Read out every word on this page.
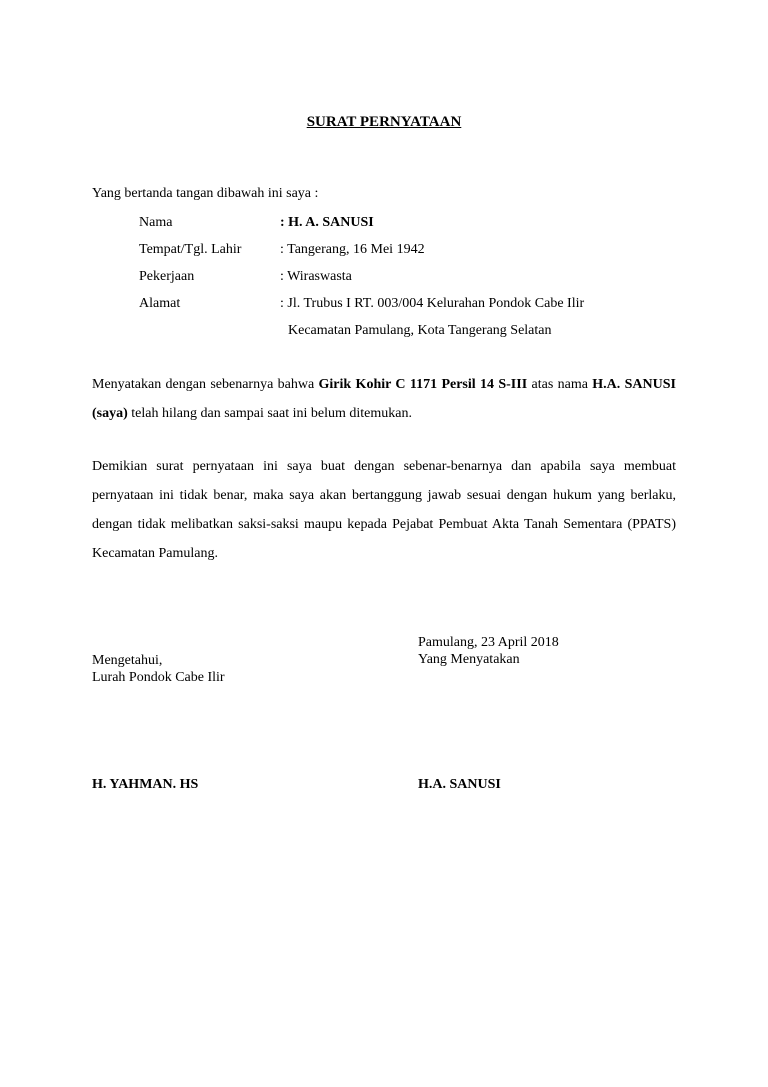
SURAT PERNYATAAN
Yang bertanda tangan dibawah ini saya :
Nama	: H. A. SANUSI
Tempat/Tgl. Lahir	: Tangerang, 16 Mei 1942
Pekerjaan	: Wiraswasta
Alamat	: Jl. Trubus I RT. 003/004 Kelurahan Pondok Cabe Ilir
Kecamatan Pamulang, Kota Tangerang Selatan
Menyatakan dengan sebenarnya bahwa Girik Kohir C 1171 Persil 14 S-III atas nama H.A. SANUSI (saya) telah hilang dan sampai saat ini belum ditemukan.
Demikian surat pernyataan ini saya buat dengan sebenar-benarnya dan apabila saya membuat pernyataan ini tidak benar, maka saya akan bertanggung jawab sesuai dengan hukum yang berlaku, dengan tidak melibatkan saksi-saksi maupu kepada Pejabat Pembuat Akta Tanah Sementara (PPATS) Kecamatan Pamulang.
Pamulang, 23 April 2018
Yang Menyatakan
Mengetahui,
Lurah Pondok Cabe Ilir
H. YAHMAN. HS	H.A. SANUSI
